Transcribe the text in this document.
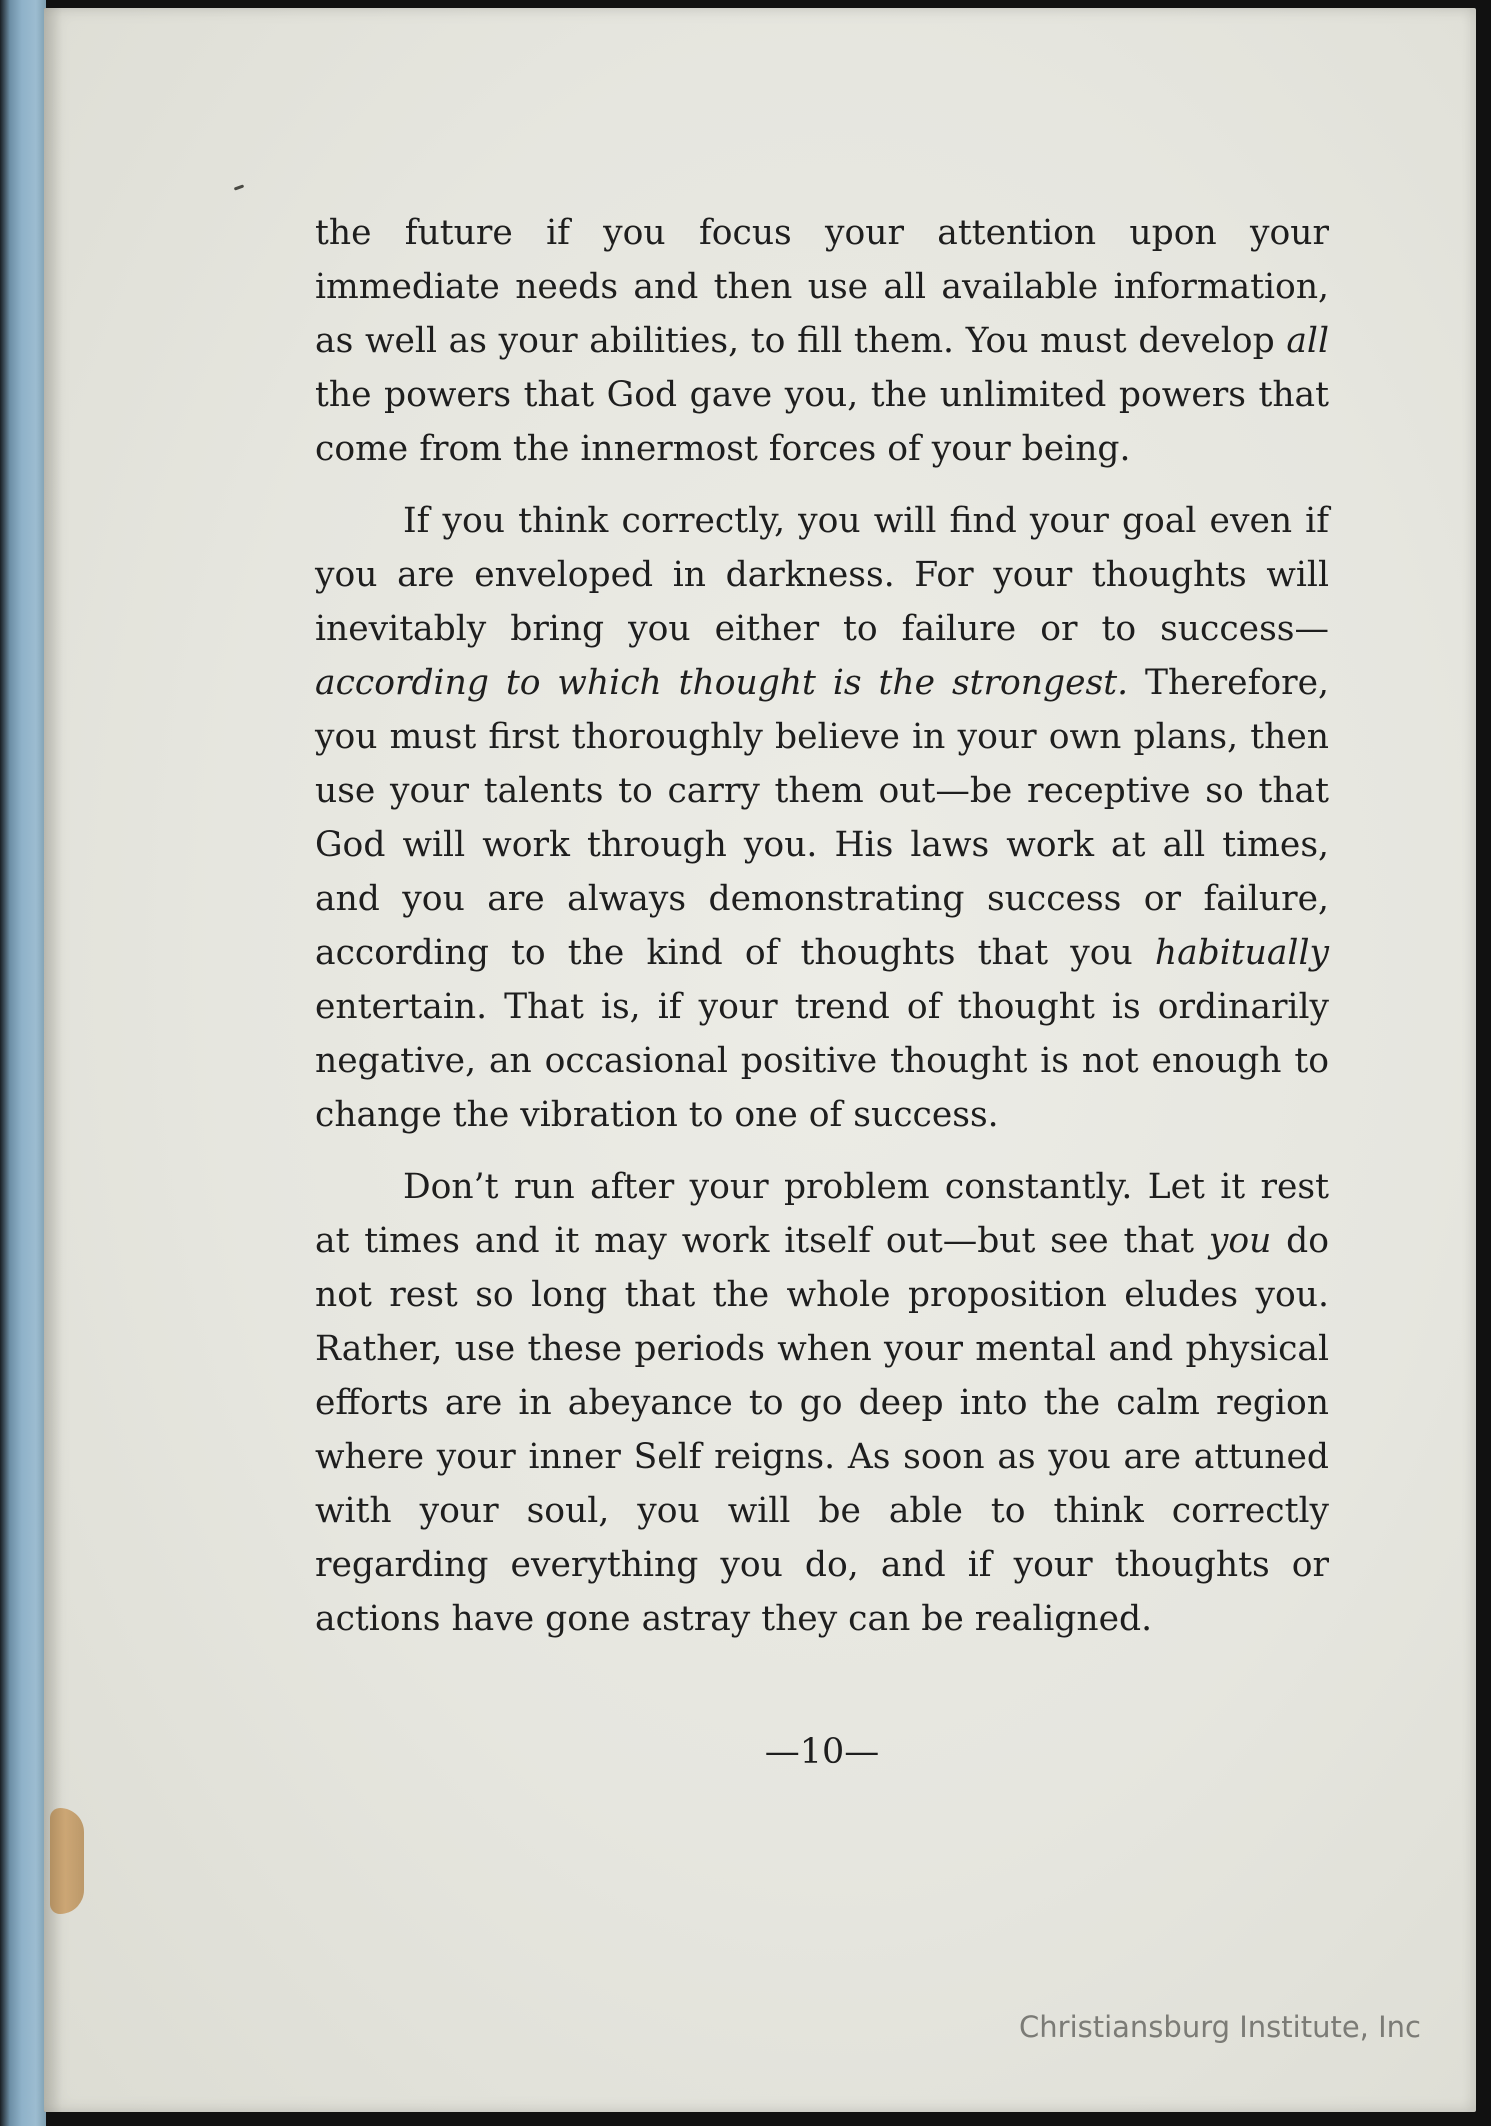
the future if you focus your attention upon your immediate needs and then use all available information, as well as your abilities, to fill them. You must develop all the powers that God gave you, the unlimited powers that come from the innermost forces of your being.

If you think correctly, you will find your goal even if you are enveloped in darkness. For your thoughts will inevitably bring you either to failure or to success—according to which thought is the strongest. Therefore, you must first thoroughly believe in your own plans, then use your talents to carry them out—be receptive so that God will work through you. His laws work at all times, and you are always demonstrating success or failure, according to the kind of thoughts that you habitually entertain. That is, if your trend of thought is ordinarily negative, an occasional positive thought is not enough to change the vibration to one of success.

Don’t run after your problem constantly. Let it rest at times and it may work itself out—but see that you do not rest so long that the whole proposition eludes you. Rather, use these periods when your mental and physical efforts are in abeyance to go deep into the calm region where your inner Self reigns. As soon as you are attuned with your soul, you will be able to think correctly regarding everything you do, and if your thoughts or actions have gone astray they can be realigned.

—10—
Christiansburg Institute, Inc
